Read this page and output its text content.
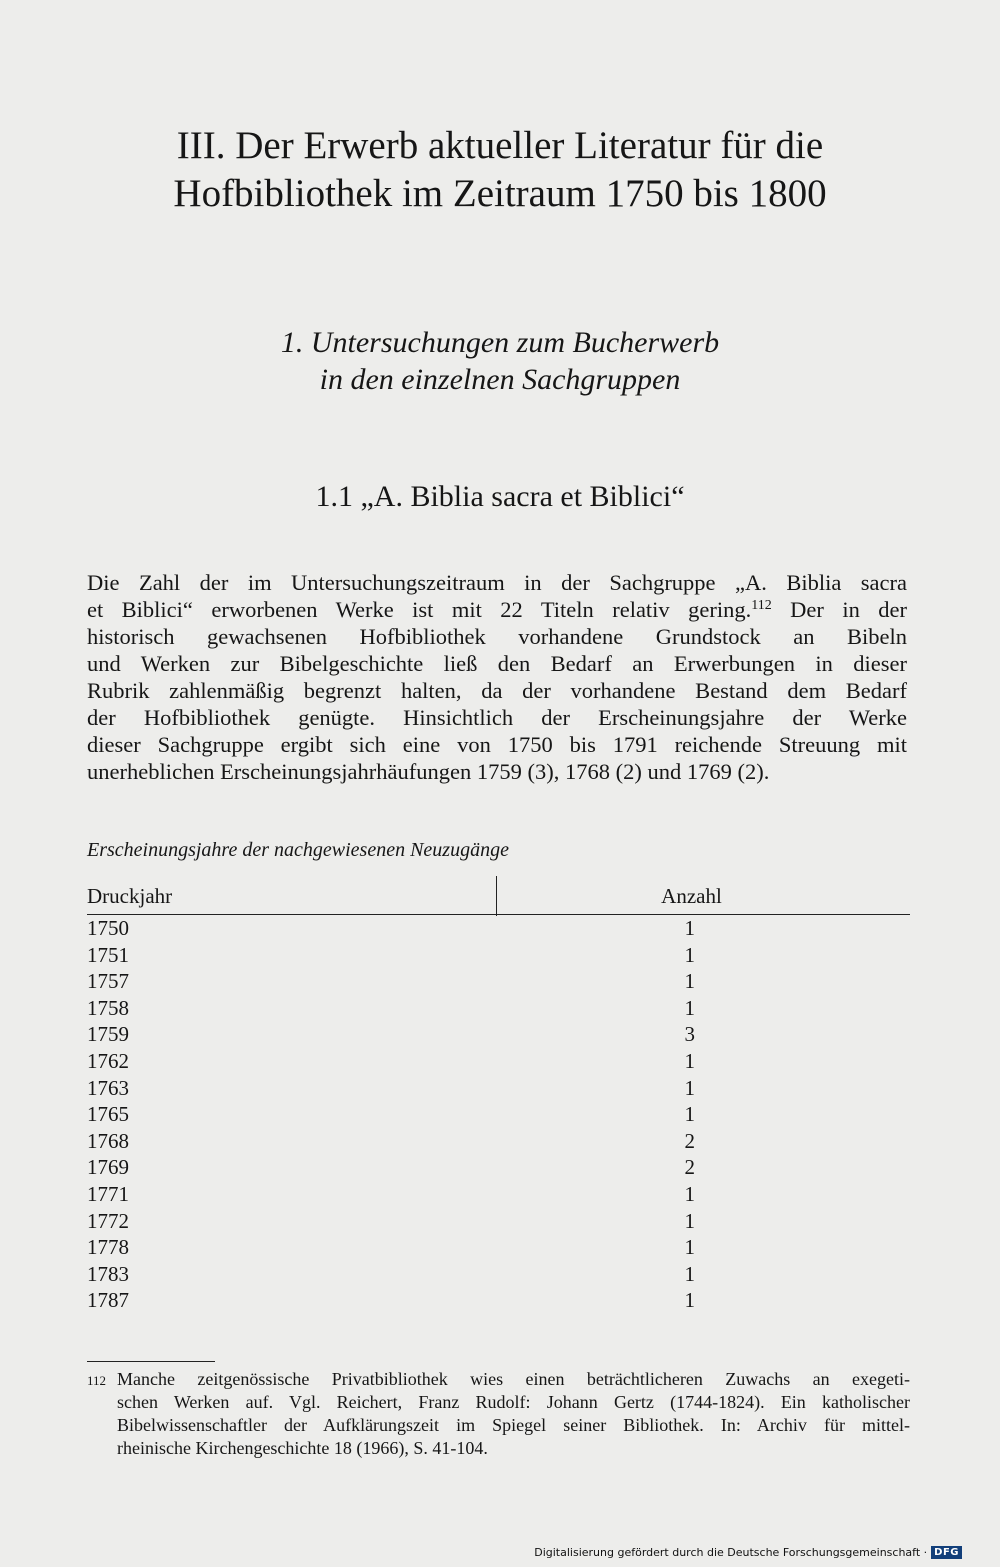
III. Der Erwerb aktueller Literatur für die
Hofbibliothek im Zeitraum 1750 bis 1800
1. Untersuchungen zum Bucherwerb
in den einzelnen Sachgruppen
1.1 „A. Biblia sacra et Biblici“

Die Zahl der im Untersuchungszeitraum in der Sachgruppe „A. Biblia sacra
et Biblici“ erworbenen Werke ist mit 22 Titeln relativ gering.$^{112}$ Der in der
historisch gewachsenen Hofbibliothek vorhandene Grundstock an Bibeln
und Werken zur Bibelgeschichte ließ den Bedarf an Erwerbungen in dieser
Rubrik zahlenmäßig begrenzt halten, da der vorhandene Bestand dem Bedarf
der Hofbibliothek genügte. Hinsichtlich der Erscheinungsjahre der Werke
dieser Sachgruppe ergibt sich eine von 1750 bis 1791 reichende Streuung mit
unerheblichen Erscheinungsjahrhäufungen 1759 (3), 1768 (2) und 1769 (2).

Erscheinungsjahre der nachgewiesenen Neuzugänge

Druckjahr	Anzahl
1750	1
1751	1
1757	1
1758	1
1759	3
1762	1
1763	1
1765	1
1768	2
1769	2
1771	1
1772	1
1778	1
1783	1
1787	1
112 Manche zeitgenössische Privatbibliothek wies einen beträchtlicheren Zuwachs an exegeti-
schen Werken auf. Vgl. Reichert, Franz Rudolf: Johann Gertz (1744-1824). Ein katholischer
Bibelwissenschaftler der Aufklärungszeit im Spiegel seiner Bibliothek. In: Archiv für mittel-
rheinische Kirchengeschichte 18 (1966), S. 41-104.
Digitalisierung gefördert durch die Deutsche Forschungsgemeinschaft · DFG
